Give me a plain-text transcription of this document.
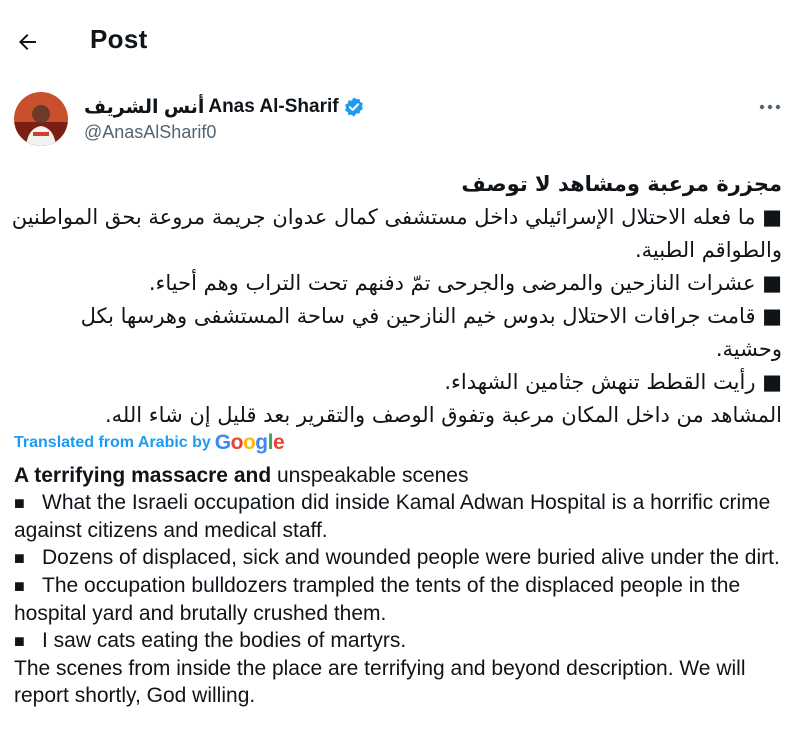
Post
أنس الشريف Anas Al-Sharif
@AnasAlSharif0
مجزرة مرعبة ومشاهد لا توصف
■ ما فعله الاحتلال الإسرائيلي داخل مستشفى كمال عدوان جريمة مروعة بحق المواطنين والطواقم الطبية.
■ عشرات النازحين والمرضى والجرحى تمّ دفنهم تحت التراب وهم أحياء.
■ قامت جرافات الاحتلال بدوس خيم النازحين في ساحة المستشفى وهرسها بكل وحشية.
■ رأيت القطط تنهش جثامين الشهداء.
المشاهد من داخل المكان مرعبة وتفوق الوصف والتقرير بعد قليل إن شاء الله.
Translated from Arabic by Google
A terrifying massacre and unspeakable scenes
■ What the Israeli occupation did inside Kamal Adwan Hospital is a horrific crime against citizens and medical staff.
■ Dozens of displaced, sick and wounded people were buried alive under the dirt.
■ The occupation bulldozers trampled the tents of the displaced people in the hospital yard and brutally crushed them.
■ I saw cats eating the bodies of martyrs.
The scenes from inside the place are terrifying and beyond description. We will report shortly, God willing.
